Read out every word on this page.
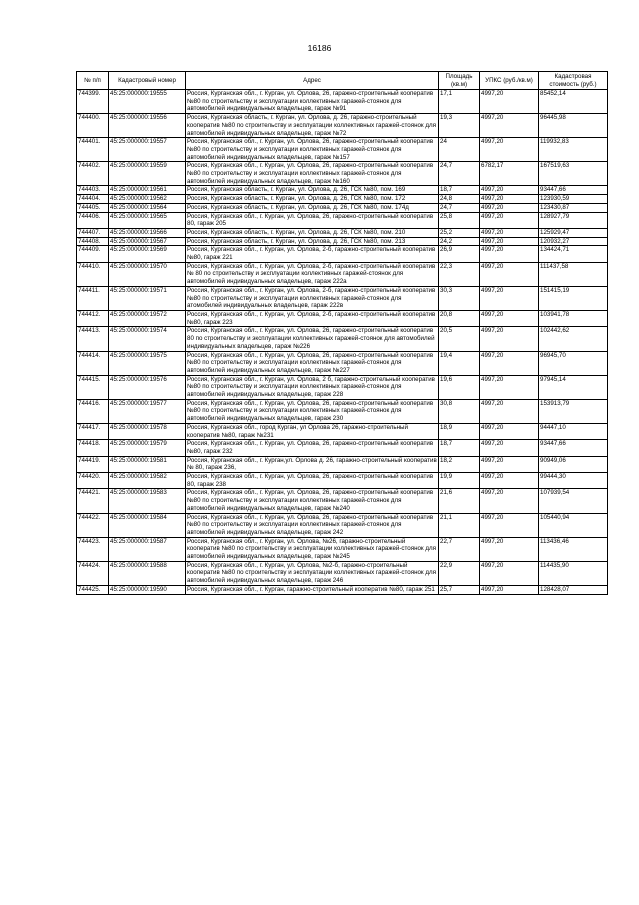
16186
№ п/п	Кадастровый номер	Адрес	Площадь (кв.м)	УПКС (руб./кв.м)	Кадастровая стоимость (руб.)
744399.	45:25:000000:19555	Россия, Курганская обл., г. Курган, ул. Орлова, 26, гаражно-строительный кооператив №80 по строительству и эксплуатации коллективных гаражей-стоянок для автомобилей индивидуальных владельцев, гараж №91	17,1	4997,20	85452,14
744400.	45:25:000000:19556	Россия, Курганская область, г. Курган, ул. Орлова, д. 26, гаражно-строительный кооператив №80 по строительству и эксплуатации коллективных гаражей-стоянок для автомобилей индивидуальных владельцев, гараж №72	19,3	4997,20	96445,98
744401.	45:25:000000:19557	Россия, Курганская обл., г. Курган, ул. Орлова, 26, гаражно-строительный кооператив №80 по строительству и эксплуатации коллективных гаражей-стоянок для автомобилей индивидуальных владельцев, гараж №157	24	4997,20	119932,83
744402.	45:25:000000:19559	Россия, Курганская обл., г. Курган, ул. Орлова, 26, гаражно-строительный кооператив №80 по строительству и эксплуатации коллективных гаражей-стоянок для автомобилей индивидуальных владельцев, гараж №160	24,7	6782,17	167519,63
744403.	45:25:000000:19561	Россия, Курганская область, г. Курган, ул. Орлова, д. 26, ГСК №80, пом. 169	18,7	4997,20	93447,66
744404.	45:25:000000:19562	Россия, Курганская область, г. Курган, ул. Орлова, д. 26, ГСК №80, пом. 172	24,8	4997,20	123930,59
744405.	45:25:000000:19564	Россия, Курганская область, г. Курган, ул. Орлова, д. 26, ГСК №80, пом. 174д	24,7	4997,20	123430,87
744406.	45:25:000000:19565	Россия, Курганская обл., г. Курган, ул. Орлова, 26, гаражно-строительный кооператив 80, гараж 205	25,8	4997,20	128927,79
744407.	45:25:000000:19566	Россия, Курганская область, г. Курган, ул. Орлова, д. 26, ГСК №80, пом. 210	25,2	4997,20	125929,47
744408.	45:25:000000:19567	Россия, Курганская область, г. Курган, ул. Орлова, д. 26, ГСК №80, пом. 213	24,2	4997,20	120932,27
744409.	45:25:000000:19569	Россия, Курганская обл., г. Курган, ул. Орлова, 2-б, гаражно-строительный кооператив №80, гараж 221	26,9	4997,20	134424,71
744410.	45:25:000000:19570	Россия, Курганская обл., г. Курган, ул. Орлова, 2-б, гаражно-строительный кооператив № 80 по строительству и эксплуатации коллективных гаражей-стоянок для автомобилей индивидуальных владельцев, гараж 222а	22,3	4997,20	111437,58
744411.	45:25:000000:19571	Россия, Курганская обл., г. Курган, ул. Орлова, 2-б, гаражно-строительный кооператив №80 по строительству и эксплуатации коллективных гаражей-стоянок для атомобилей индивидуальных владельцев, гараж 222в	30,3	4997,20	151415,19
744412.	45:25:000000:19572	Россия, Курганская обл., г. Курган, ул. Орлова, 2-б, гаражно-строительный кооператив №80, гараж 223	20,8	4997,20	103941,78
744413.	45:25:000000:19574	Россия, Курганская обл., г. Курган, ул. Орлова, 26, гаражно-строительный кооператив 80 по строительству и эксплуатации коллективных гаражей-стоянок для автомобилей индивидуальных владельцев, гараж №226	20,5	4997,20	102442,62
744414.	45:25:000000:19575	Россия, Курганская обл., г. Курган, ул. Орлова, 26, гаражно-строительный кооператив №80 по строительству и эксплуатации коллективных гаражей-стоянок для автомобилей индивидуальных владельцев, гараж №227	19,4	4997,20	96945,70
744415.	45:25:000000:19576	Россия, Курганская обл., г. Курган, ул. Орлова, 2 б, гаражно-строительный кооператив №80 по строительству и эксплуатации коллективных гаражей-стоянок для автомобилей индивидуальных владельцев, гараж 228	19,6	4997,20	97945,14
744416.	45:25:000000:19577	Россия, Курганская обл., г. Курган, ул. Орлова, 26, гаражно-строительный кооператив №80 по строительству и эксплуатации коллективных гаражей-стоянок для автомобилей индивидуальных владельцев, гараж 230	30,8	4997,20	153913,79
744417.	45:25:000000:19578	Россия, Курганская обл., город Курган, ул Орлова 26, гаражно-строительный кооператив №80, гараж №231	18,9	4997,20	94447,10
744418.	45:25:000000:19579	Россия, Курганская обл., г. Курган, ул. Орлова, 26, гаражно-строительный кооператив №80, гараж 232	18,7	4997,20	93447,66
744419.	45:25:000000:19581	Россия, Курганская обл., г. Курган,ул. Орлова д. 26, гаражно-строительный кооператив № 80, гараж 236,	18,2	4997,20	90949,06
744420.	45:25:000000:19582	Россия, Курганская обл., г. Курган, ул. Орлова, 26, гаражно-строительный кооператив 80, гараж 238	19,9	4997,20	99444,30
744421.	45:25:000000:19583	Россия, Курганская обл., г. Курган, ул. Орлова, 26, гаражно-строительный кооператив №80 по строительству и эксплуатации коллективных гаражей-стоянок для автомобилей индивидуальных владельцев, гараж №240	21,6	4997,20	107939,54
744422.	45:25:000000:19584	Россия, Курганская обл., г. Курган, ул. Орлова, 26, гаражно-строительный кооператив №80 по строительству и эксплуатации коллективных гаражей-стоянок для автомобилей индивидуальных владельцев, гараж 242	21,1	4997,20	105440,94
744423.	45:25:000000:19587	Россия, Курганская обл., г. Курган, ул. Орлова, №26, гаражно-строительный кооператив №80 по строительству и эксплуатации коллективных гаражей-стоянок для автомобилей индивидуальных владельцев, гараж №245	22,7	4997,20	113436,46
744424.	45:25:000000:19588	Россия, Курганская обл., г. Курган, ул. Орлова, №2-б, гаражно-строительный кооператив №80 по строительству и эксплуатации коллективных гаражей-стоянок для автомобилей индивидуальных владельцев, гараж 246	22,9	4997,20	114435,90
744425.	45:25:000000:19590	Россия, Курганская обл., г. Курган, гаражно-строительный кооператив №80, гараж 251	25,7	4997,20	128428,07
